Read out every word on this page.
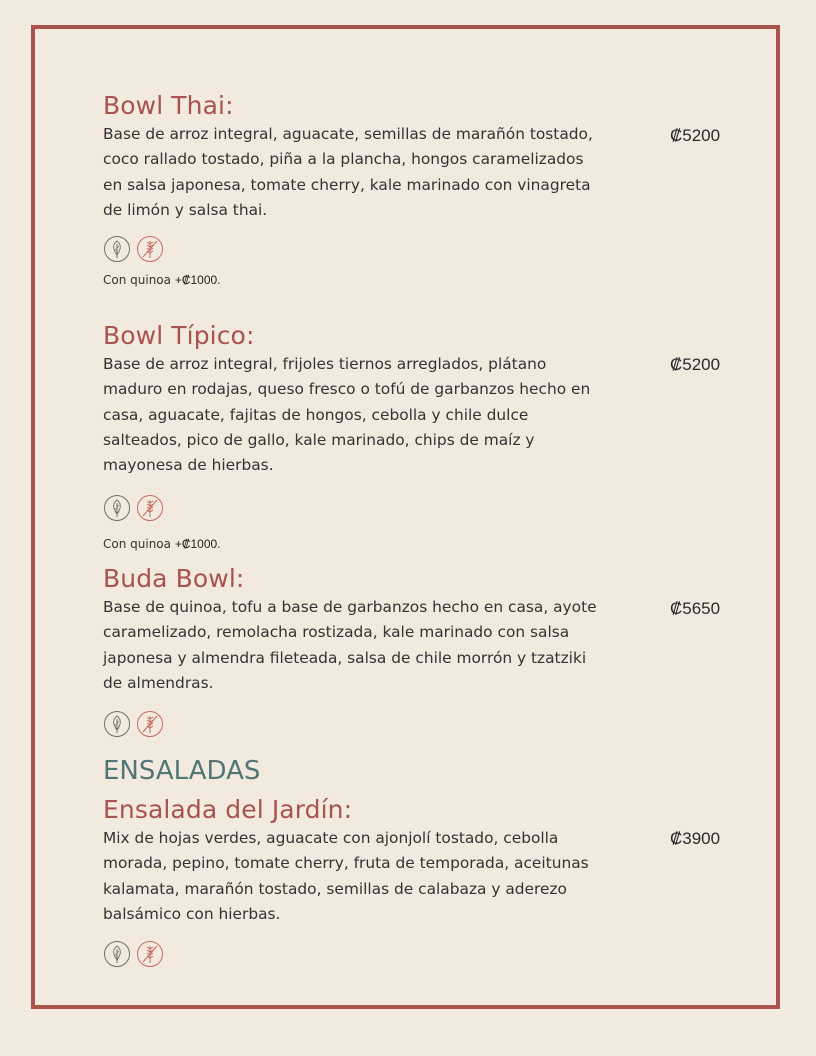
Bowl Thai:
₡5200

Base de arroz integral, aguacate, semillas de marañón tostado, coco rallado tostado, piña a la plancha, hongos caramelizados en salsa japonesa, tomate cherry, kale marinado con vinagreta de limón y salsa thai.

Con quinoa +₡1000.

Bowl Típico:
₡5200

Base de arroz integral, frijoles tiernos arreglados, plátano maduro en rodajas, queso fresco o tofú de garbanzos hecho en casa, aguacate, fajitas de hongos, cebolla y chile dulce salteados, pico de gallo, kale marinado, chips de maíz y mayonesa de hierbas.

Con quinoa +₡1000.

Buda Bowl:
₡5650

Base de quinoa, tofu a base de garbanzos hecho en casa, ayote caramelizado, remolacha rostizada, kale marinado con salsa japonesa y almendra fileteada, salsa de chile morrón y tzatziki de almendras.

ENSALADAS
Ensalada del Jardín:
₡3900

Mix de hojas verdes, aguacate con ajonjolí tostado, cebolla morada, pepino, tomate cherry, fruta de temporada, aceitunas kalamata, marañón tostado, semillas de calabaza y aderezo balsámico con hierbas.
